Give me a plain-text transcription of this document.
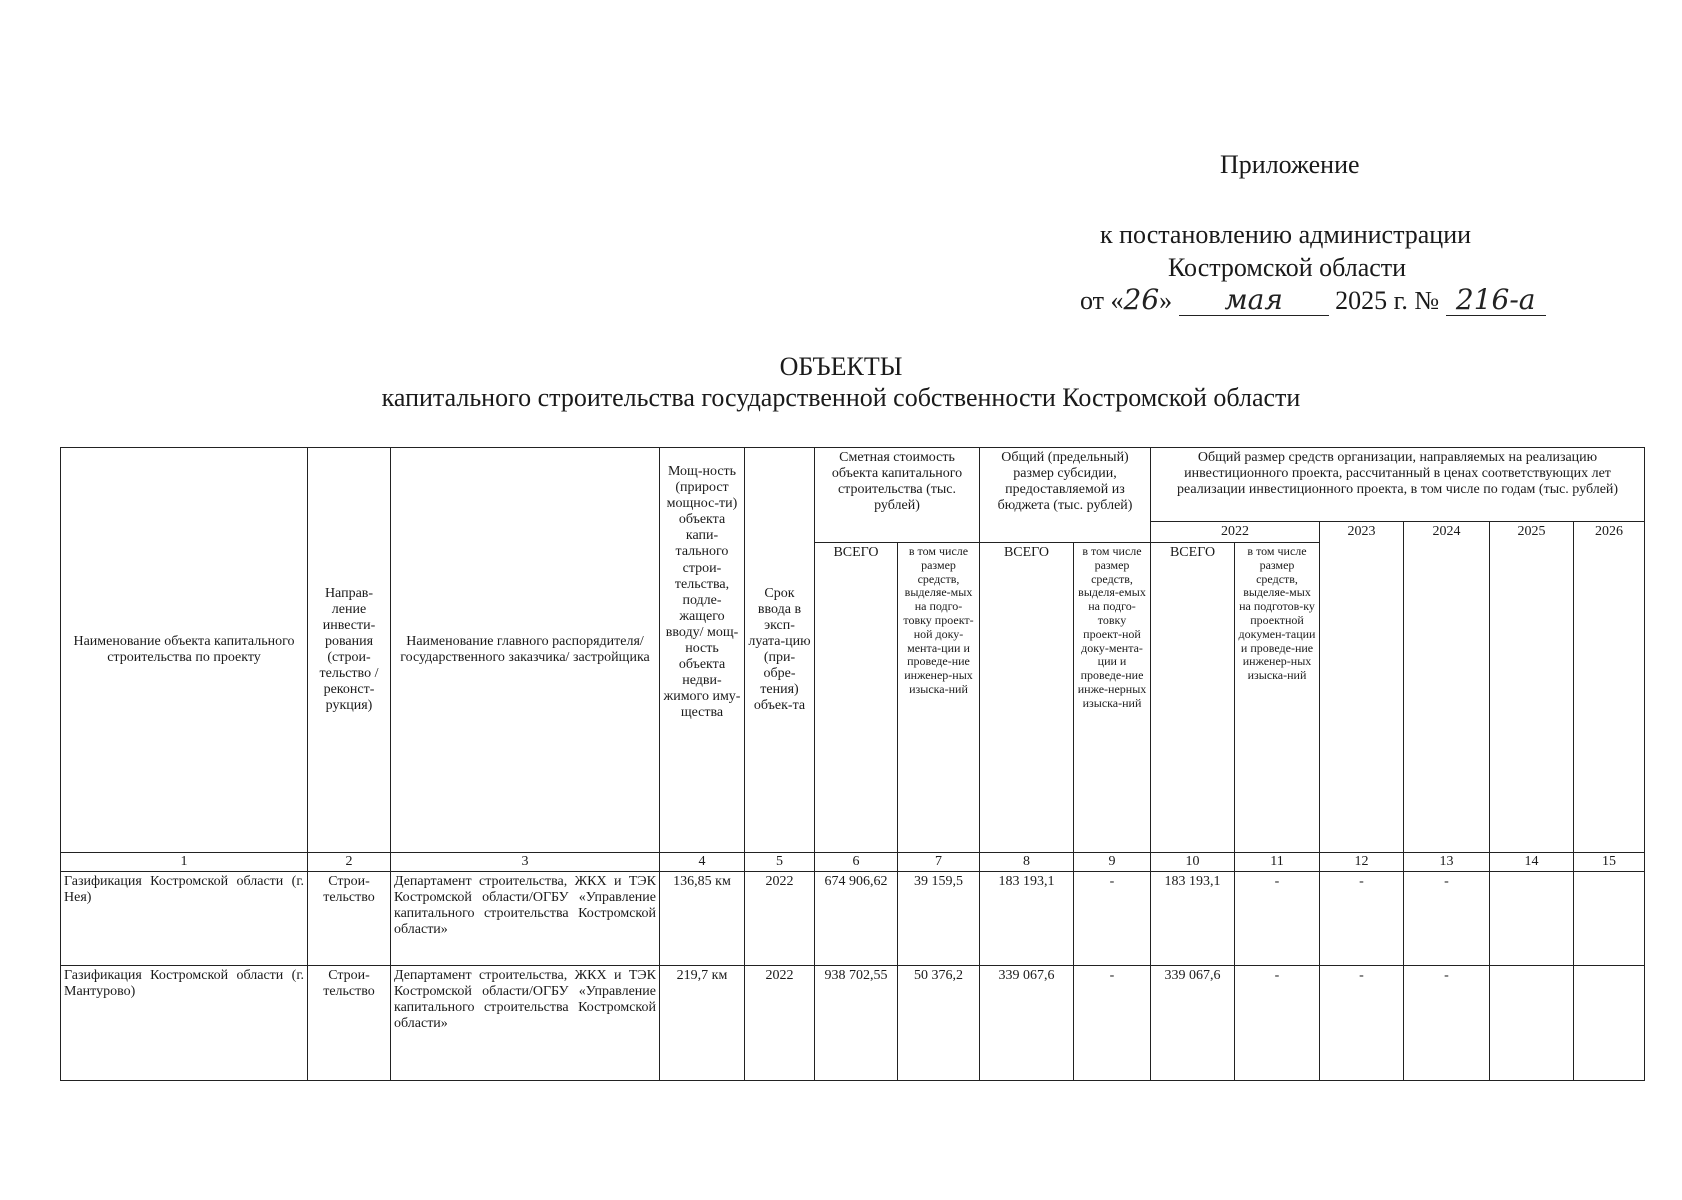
Приложение
к постановлению администрации
Костромской области
от «26» мая 2025 г. № 216-а
ОБЪЕКТЫ
капитального строительства государственной собственности Костромской области
Наименование объекта капитального строительства по проекту	Направ-ление инвести-рования (строи-тельство / реконст-рукция)	Наименование главного распорядителя/ государственного заказчика/ застройщика	Мощ-ность (прирост мощнос-ти) объекта капи-тального строи-тельства, подле-жащего вводу/ мощ-ность объекта недви-жимого иму-щества	Срок ввода в эксп-луата-цию (при-обре-тения) объек-та	Сметная стоимость объекта капитального строительства (тыс. рублей)		Общий (предельный) размер субсидии, предоставляемой из бюджета (тыс. рублей)		Общий размер средств организации, направляемых на реализацию инвестиционного проекта, рассчитанный в ценах соответствующих лет реализации инвестиционного проекта, в том числе по годам (тыс. рублей)					
									2022		2023	2024	2025	2026
					ВСЕГО	в том числе размер средств, выделяе-мых на подго-товку проект-ной доку-мента-ции и проведе-ние инженер-ных изыска-ний	ВСЕГО	в том числе размер средств, выделя-емых на подго-товку проект-ной доку-мента-ции и проведе-ние инже-нерных изыска-ний	ВСЕГО	в том числе размер средств, выделяе-мых на подготов-ку проектной докумен-тации и проведе-ние инженер-ных изыска-ний				
1	2	3	4	5	6	7	8	9	10	11	12	13	14	15
Газификация Костромской области (г. Нея)	Строи-тельство	Департамент строительства, ЖКХ и ТЭК Костромской области/ОГБУ «Управление капитального строительства Костромской области»	136,85 км	2022	674 906,62	39 159,5	183 193,1	-	183 193,1	-	-	-		
Газификация Костромской области (г. Мантурово)	Строи-тельство	Департамент строительства, ЖКХ и ТЭК Костромской области/ОГБУ «Управление капитального строительства Костромской области»	219,7 км	2022	938 702,55	50 376,2	339 067,6	-	339 067,6	-	-	-		
